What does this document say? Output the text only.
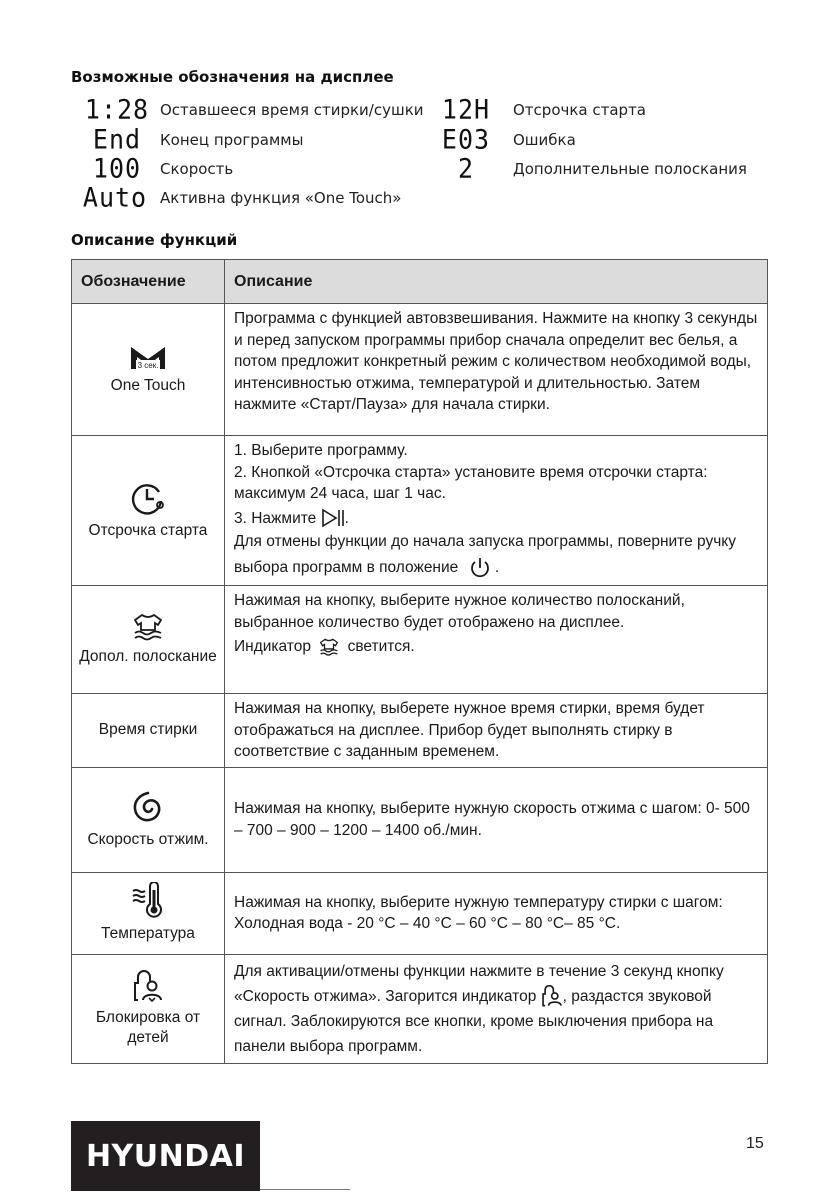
Возможные обозначения на дисплее
1:28 Оставшееся время стирки/сушки
End	Конец программы
100	Скорость
Auto Активна функция «One Touch»
12H	Отсрочка старта
E03	Ошибка
2	Дополнительные полоскания
Описание функций
Обозначение	Описание

3 сек.
One Touch	Программа с функцией автовзвешивания. Нажмите на кнопку 3 секунды и перед запуском программы прибор сначала определит вес белья, а потом предложит конкретный режим с количеством необходимой воды, интенсивностью отжима, температурой и длительностью. Затем нажмите «Старт/Пауза» для начала стирки.

Отсрочка старта	1. Выберите программу.
2. Кнопкой «Отсрочка старта» установите время отсрочки старта: максимум 24 часа, шаг 1 час.
3. Нажмите .
Для отмены функции до начала запуска программы, поверните ручку выбора программ в положение  .

Допол. полоскание	Нажимая на кнопку, выберите нужное количество полосканий, выбранное количество будет отображено на дисплее.
Индикатор светится.

Время стирки	Нажимая на кнопку, выберете нужное время стирки, время будет отображаться на дисплее. Прибор будет выполнять стирку в соответствие с заданным временем.

Скорость отжим.	Нажимая на кнопку, выберите нужную скорость отжима с шагом: 0- 500 – 700 – 900 – 1200 – 1400 об./мин.

Температура	Нажимая на кнопку, выберите нужную температуру стирки с шагом: Холодная вода - 20 °C – 40 °C – 60 °C – 80 °C– 85 °C.

Блокировка от детей	Для активации/отмены функции нажмите в течение 3 секунд кнопку «Скорость отжима». Загорится индикатор , раздастся звуковой сигнал. Заблокируются все кнопки, кроме выключения прибора на панели выбора программ.
HYUNDAI	15
